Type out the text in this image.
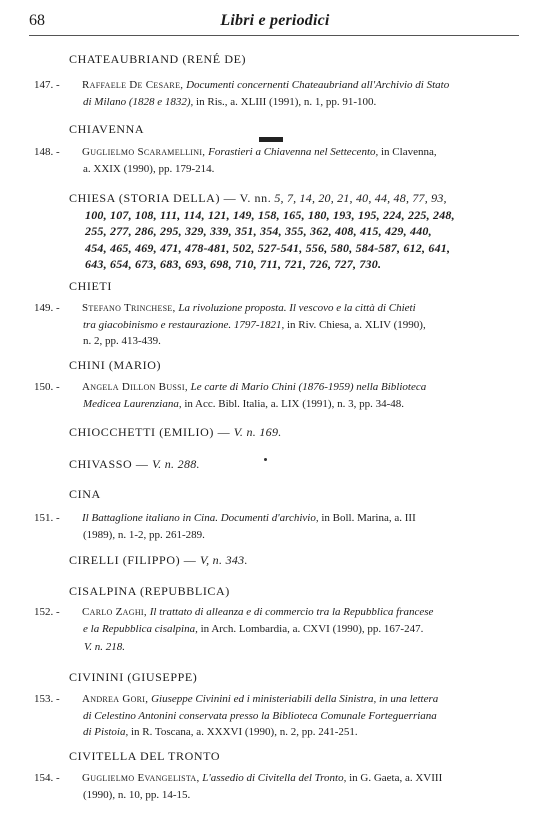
68	Libri e periodici
CHATEAUBRIAND (RENÉ DE)
147. - Raffaele De Cesare, Documenti concernenti Chateaubriand all'Archivio di Stato
di Milano (1828 e 1832), in Ris., a. XLIII (1991), n. 1, pp. 91-100.
CHIAVENNA
148. - Guglielmo Scaramellini, Forastieri a Chiavenna nel Settecento, in Clavenna,
a. XXIX (1990), pp. 179-214.
CHIESA (STORIA DELLA) — V. nn. 5, 7, 14, 20, 21, 40, 44, 48, 77, 93,
100, 107, 108, 111, 114, 121, 149, 158, 165, 180, 193, 195, 224, 225, 248,
255, 277, 286, 295, 329, 339, 351, 354, 355, 362, 408, 415, 429, 440,
454, 465, 469, 471, 478-481, 502, 527-541, 556, 580, 584-587, 612, 641,
643, 654, 673, 683, 693, 698, 710, 711, 721, 726, 727, 730.
CHIETI
149. - Stefano Trinchese, La rivoluzione proposta. Il vescovo e la città di Chieti
tra giacobinismo e restaurazione. 1797-1821, in Riv. Chiesa, a. XLIV (1990),
n. 2, pp. 413-439.
CHINI (MARIO)
150. - Angela Dillon Bussi, Le carte di Mario Chini (1876-1959) nella Biblioteca
Medicea Laurenziana, in Acc. Bibl. Italia, a. LIX (1991), n. 3, pp. 34-48.
CHIOCCHETTI (EMILIO) — V. n. 169.
CHIVASSO — V. n. 288.
CINA
151. - Il Battaglione italiano in Cina. Documenti d'archivio, in Boll. Marina, a. III
(1989), n. 1-2, pp. 261-289.
CIRELLI (FILIPPO) — V, n. 343.
CISALPINA (REPUBBLICA)
152. - Carlo Zaghi, Il trattato di alleanza e di commercio tra la Repubblica francese
e la Repubblica cisalpina, in Arch. Lombardia, a. CXVI (1990), pp. 167-247.
V. n. 218.
CIVININI (GIUSEPPE)
153. - Andrea Gori, Giuseppe Civinini ed i ministeriabili della Sinistra, in una lettera
di Celestino Antonini conservata presso la Biblioteca Comunale Forteguerriana
di Pistoia, in R. Toscana, a. XXXVI (1990), n. 2, pp. 241-251.
CIVITELLA DEL TRONTO
154. - Guglielmo Evangelista, L'assedio di Civitella del Tronto, in G. Gaeta, a. XVIII
(1990), n. 10, pp. 14-15.
